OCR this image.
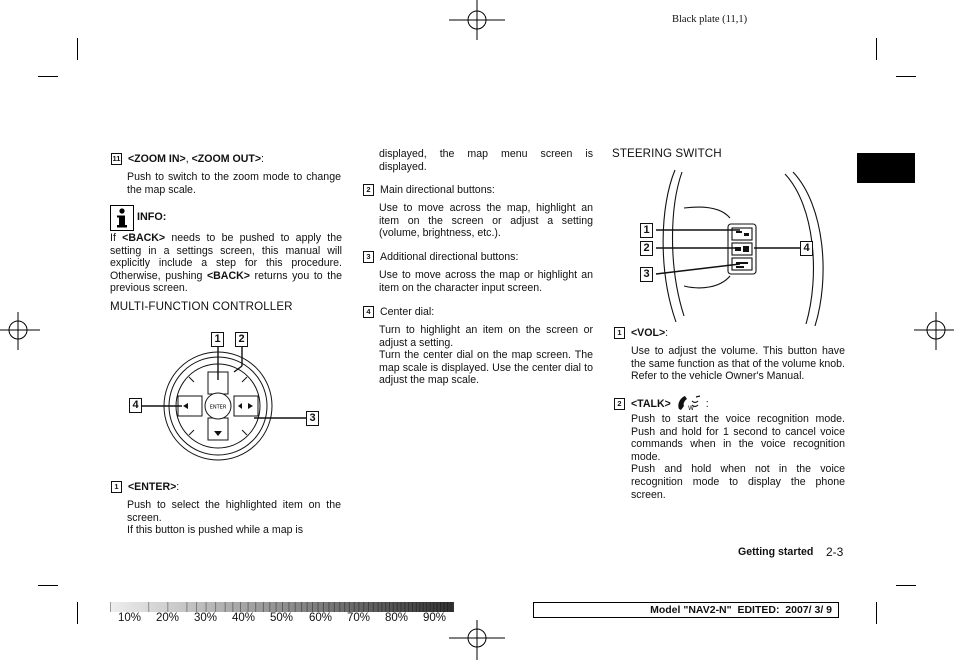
Black plate (11,1)
11 <ZOOM IN>, <ZOOM OUT>:
Push to switch to the zoom mode to change the map scale.
INFO:
If <BACK> needs to be pushed to apply the setting in a settings screen, this manual will explicitly include a step for this procedure. Otherwise, pushing <BACK> returns you to the previous screen.
MULTI-FUNCTION CONTROLLER
ENTER
1	2
3
4
1 <ENTER>:
Push to select the highlighted item on the screen.
If this button is pushed while a map is
displayed, the map menu screen is displayed.
2 Main directional buttons:
Use to move across the map, highlight an item on the screen or adjust a setting (volume, brightness, etc.).
3 Additional directional buttons:
Use to move across the map or highlight an item on the character input screen.
4 Center dial:
Turn to highlight an item on the screen or adjust a setting.
Turn the center dial on the map screen. The map scale is displayed. Use the center dial to adjust the map scale.
STEERING SWITCH
1
2
3
4
1 <VOL>:
Use to adjust the volume. This button have the same function as that of the volume knob. Refer to the vehicle Owner's Manual.
2 <TALK>	W :
Push to start the voice recognition mode. Push and hold for 1 second to cancel voice commands when in the voice recognition mode.
Push and hold when not in the voice recognition mode to display the phone screen.
Getting started 2-3
Model "NAV2-N"  EDITED:  2007/ 3/ 9
10% 20% 30% 40% 50% 60% 70% 80% 90%
